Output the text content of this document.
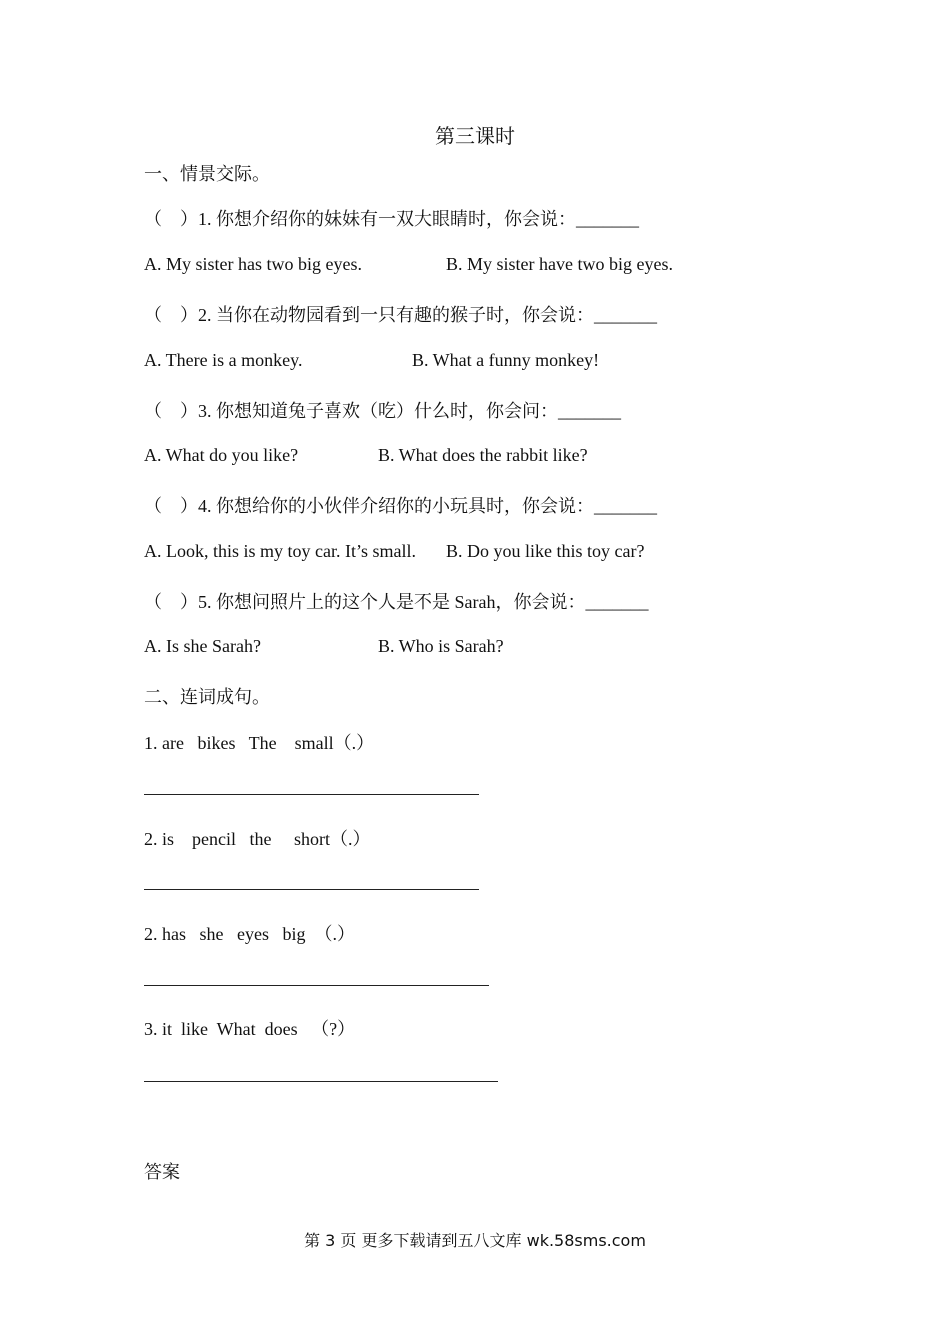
第三课时
一、情景交际。
（　）1. 你想介绍你的妹妹有一双大眼睛时，你会说：_______
A. My sister has two big eyes.	B. My sister have two big eyes.
（　）2. 当你在动物园看到一只有趣的猴子时，你会说：_______
A. There is a monkey.	B. What a funny monkey!
（　）3. 你想知道兔子喜欢（吃）什么时，你会问：_______
A. What do you like?	B. What does the rabbit like?
（　）4. 你想给你的小伙伴介绍你的小玩具时，你会说：_______
A. Look, this is my toy car. It’s small. B. Do you like this toy car?
（　）5. 你想问照片上的这个人是不是 Sarah，你会说：_______
A. Is she Sarah?	B. Who is Sarah?
二、连词成句。
1. are   bikes   The    small（.）
2. is    pencil   the     short（.）
2. has   she   eyes   big  （.）
3. it  like  What  does   （?）
答案
第 3 页 更多下载请到五八文库 wk.58sms.com
